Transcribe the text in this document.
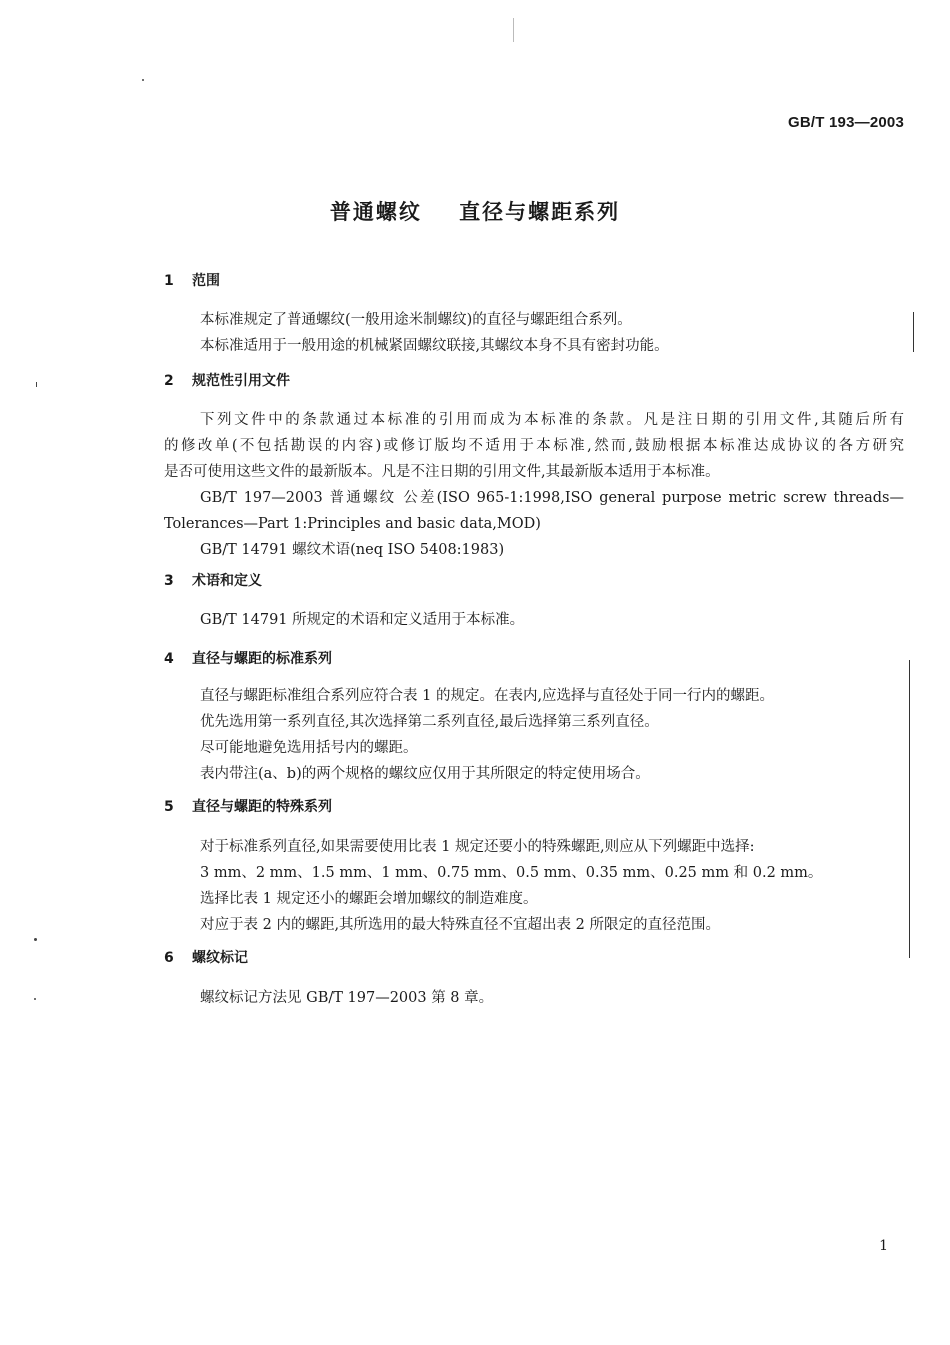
GB/T 193—2003
普通螺纹    直径与螺距系列
1 范围
本标准规定了普通螺纹(一般用途米制螺纹)的直径与螺距组合系列。
本标准适用于一般用途的机械紧固螺纹联接,其螺纹本身不具有密封功能。
2 规范性引用文件
下列文件中的条款通过本标准的引用而成为本标准的条款。凡是注日期的引用文件,其随后所有
的修改单(不包括勘误的内容)或修订版均不适用于本标准,然而,鼓励根据本标准达成协议的各方研究
是否可使用这些文件的最新版本。凡是不注日期的引用文件,其最新版本适用于本标准。
GB/T 197—2003 普通螺纹 公差(ISO 965-1:1998,ISO general purpose metric screw threads—
Tolerances—Part 1:Principles and basic data,MOD)
GB/T 14791 螺纹术语(neq ISO 5408:1983)
3 术语和定义
GB/T 14791 所规定的术语和定义适用于本标准。
4 直径与螺距的标准系列
直径与螺距标准组合系列应符合表 1 的规定。在表内,应选择与直径处于同一行内的螺距。
优先选用第一系列直径,其次选择第二系列直径,最后选择第三系列直径。
尽可能地避免选用括号内的螺距。
表内带注(a、b)的两个规格的螺纹应仅用于其所限定的特定使用场合。
5 直径与螺距的特殊系列
对于标准系列直径,如果需要使用比表 1 规定还要小的特殊螺距,则应从下列螺距中选择:
3 mm、2 mm、1.5 mm、1 mm、0.75 mm、0.5 mm、0.35 mm、0.25 mm 和 0.2 mm。
选择比表 1 规定还小的螺距会增加螺纹的制造难度。
对应于表 2 内的螺距,其所选用的最大特殊直径不宜超出表 2 所限定的直径范围。
6 螺纹标记
螺纹标记方法见 GB/T 197—2003 第 8 章。
1
